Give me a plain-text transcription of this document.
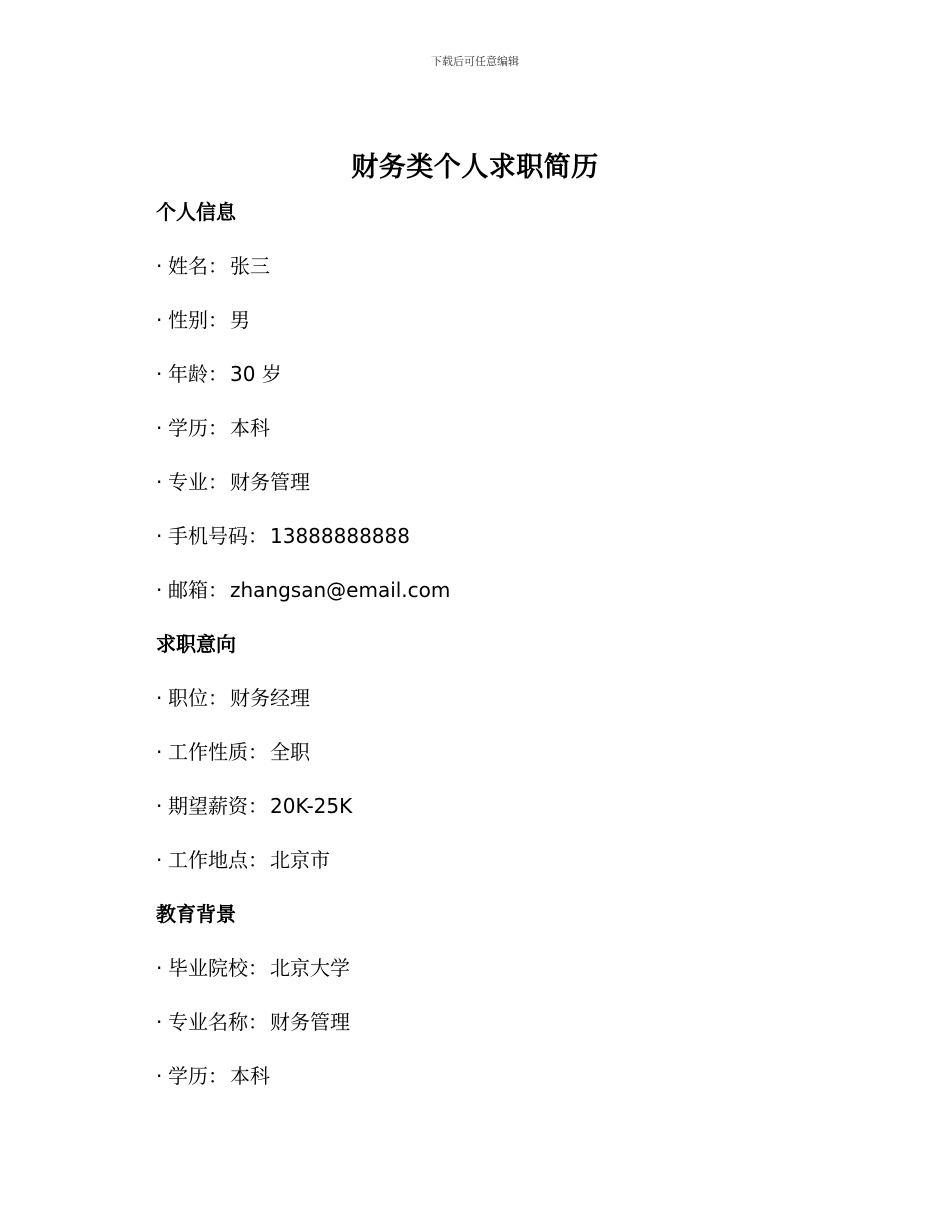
下载后可任意编辑
财务类个人求职简历
个人信息
· 姓名： 张三
· 性别： 男
· 年龄： 30 岁
· 学历： 本科
· 专业： 财务管理
· 手机号码： 13888888888
· 邮箱： zhangsan@email.com
求职意向
· 职位： 财务经理
· 工作性质： 全职
· 期望薪资： 20K-25K
· 工作地点： 北京市
教育背景
· 毕业院校： 北京大学
· 专业名称： 财务管理
· 学历： 本科
